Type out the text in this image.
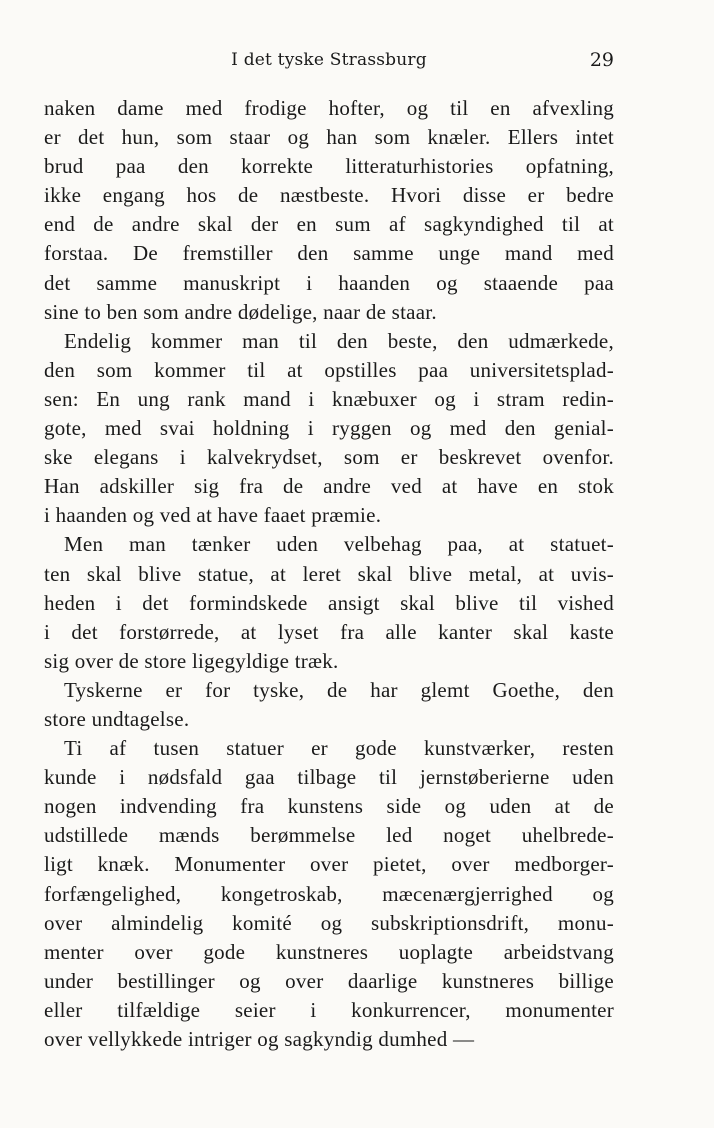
I det tyske Strassburg	29
naken dame med frodige hofter, og til en afvexling
er det hun, som staar og han som knæler. Ellers intet
brud paa den korrekte litteraturhistories opfatning,
ikke engang hos de næstbeste. Hvori disse er bedre
end de andre skal der en sum af sagkyndighed til at
forstaa. De fremstiller den samme unge mand med
det samme manuskript i haanden og staaende paa
sine to ben som andre dødelige, naar de staar.
Endelig kommer man til den beste, den udmærkede,
den som kommer til at opstilles paa universitetsplad-
sen: En ung rank mand i knæbuxer og i stram redin-
gote, med svai holdning i ryggen og med den genial-
ske elegans i kalvekrydset, som er beskrevet ovenfor.
Han adskiller sig fra de andre ved at have en stok
i haanden og ved at have faaet præmie.
Men man tænker uden velbehag paa, at statuet-
ten skal blive statue, at leret skal blive metal, at uvis-
heden i det formindskede ansigt skal blive til vished
i det forstørrede, at lyset fra alle kanter skal kaste
sig over de store ligegyldige træk.
Tyskerne er for tyske, de har glemt Goethe, den
store undtagelse.
Ti af tusen statuer er gode kunstværker, resten
kunde i nødsfald gaa tilbage til jernstøberierne uden
nogen indvending fra kunstens side og uden at de
udstillede mænds berømmelse led noget uhelbrede-
ligt knæk. Monumenter over pietet, over medborger-
forfængelighed, kongetroskab, mæcenærgjerrighed og
over almindelig komité og subskriptionsdrift, monu-
menter over gode kunstneres uoplagte arbeidstvang
under bestillinger og over daarlige kunstneres billige
eller tilfældige seier i konkurrencer, monumenter
over vellykkede intriger og sagkyndig dumhed —
